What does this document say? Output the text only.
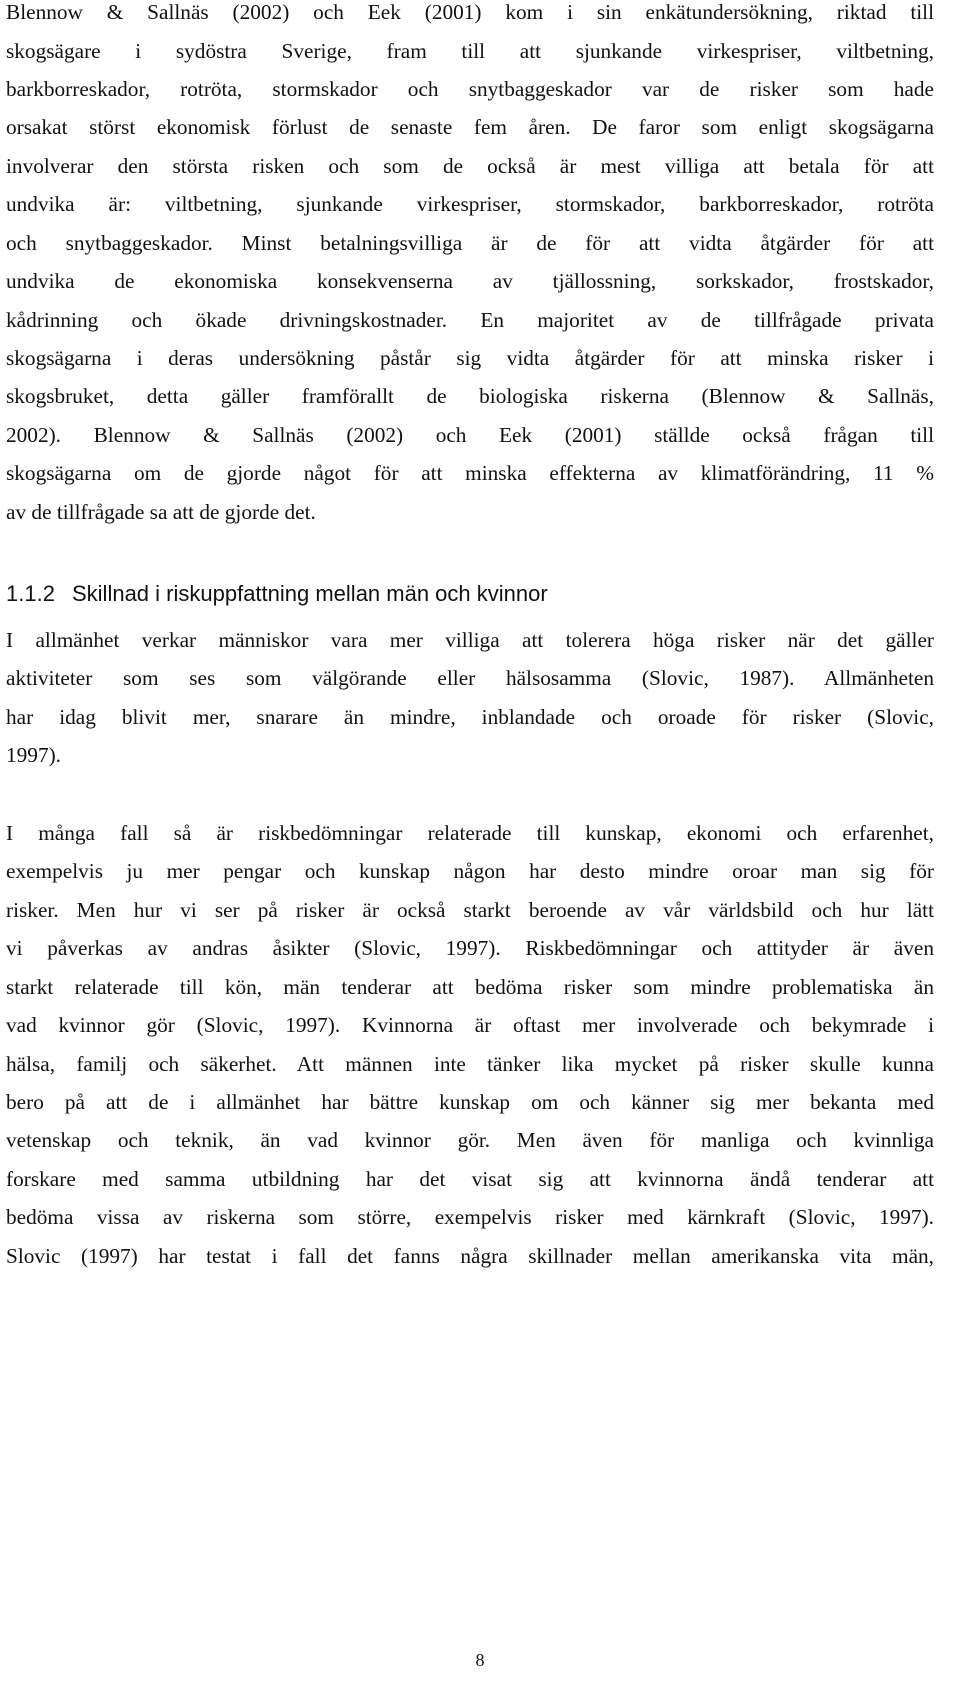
Blennow & Sallnäs (2002) och Eek (2001) kom i sin enkätundersökning, riktad till
skogsägare i sydöstra Sverige, fram till att sjunkande virkespriser, viltbetning,
barkborreskador, rotröta, stormskador och snytbaggeskador var de risker som hade
orsakat störst ekonomisk förlust de senaste fem åren. De faror som enligt skogsägarna
involverar den största risken och som de också är mest villiga att betala för att
undvika är: viltbetning, sjunkande virkespriser, stormskador, barkborreskador, rotröta
och snytbaggeskador. Minst betalningsvilliga är de för att vidta åtgärder för att
undvika de ekonomiska konsekvenserna av tjällossning, sorkskador, frostskador,
kådrinning och ökade drivningskostnader. En majoritet av de tillfrågade privata
skogsägarna i deras undersökning påstår sig vidta åtgärder för att minska risker i
skogsbruket, detta gäller framförallt de biologiska riskerna (Blennow & Sallnäs,
2002). Blennow & Sallnäs (2002) och Eek (2001) ställde också frågan till
skogsägarna om de gjorde något för att minska effekterna av klimatförändring, 11 %
av de tillfrågade sa att de gjorde det.
1.1.2 Skillnad i riskuppfattning mellan män och kvinnor
I allmänhet verkar människor vara mer villiga att tolerera höga risker när det gäller
aktiviteter som ses som välgörande eller hälsosamma (Slovic, 1987). Allmänheten
har idag blivit mer, snarare än mindre, inblandade och oroade för risker (Slovic,
1997).
I många fall så är riskbedömningar relaterade till kunskap, ekonomi och erfarenhet,
exempelvis ju mer pengar och kunskap någon har desto mindre oroar man sig för
risker. Men hur vi ser på risker är också starkt beroende av vår världsbild och hur lätt
vi påverkas av andras åsikter (Slovic, 1997). Riskbedömningar och attityder är även
starkt relaterade till kön, män tenderar att bedöma risker som mindre problematiska än
vad kvinnor gör (Slovic, 1997). Kvinnorna är oftast mer involverade och bekymrade i
hälsa, familj och säkerhet. Att männen inte tänker lika mycket på risker skulle kunna
bero på att de i allmänhet har bättre kunskap om och känner sig mer bekanta med
vetenskap och teknik, än vad kvinnor gör. Men även för manliga och kvinnliga
forskare med samma utbildning har det visat sig att kvinnorna ändå tenderar att
bedöma vissa av riskerna som större, exempelvis risker med kärnkraft (Slovic, 1997).
Slovic (1997) har testat i fall det fanns några skillnader mellan amerikanska vita män,
8
